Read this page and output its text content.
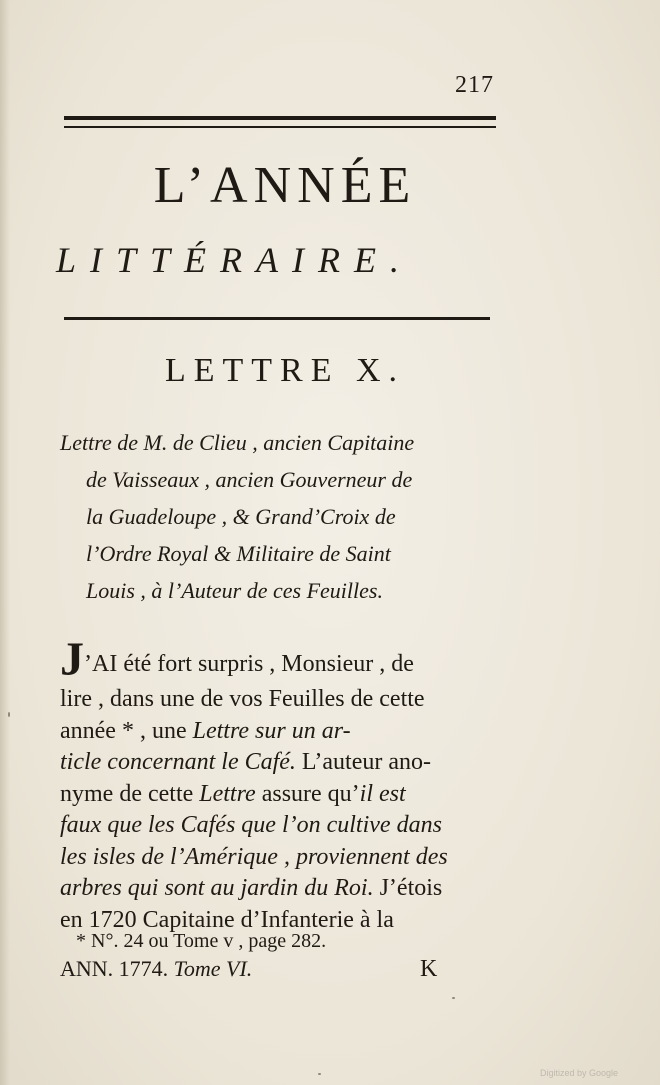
217
L’ANNÉE
LITTÉRAIRE.
LETTRE X.
Lettre de M. de Clieu , ancien Capitaine
de Vaisseaux , ancien Gouverneur de
la Guadeloupe , & Grand’Croix de
l’Ordre Royal & Militaire de Saint
Louis , à l’Auteur de ces Feuilles.
J’AI été fort surpris , Monsieur , de
lire , dans une de vos Feuilles de cette
année * , une Lettre sur un ar-
ticle concernant le Café. L’auteur ano-
nyme de cette Lettre assure qu’il est
faux que les Cafés que l’on cultive dans
les isles de l’Amérique , proviennent des
arbres qui sont au jardin du Roi. J’étois
en 1720 Capitaine d’Infanterie à la
* N°. 24 ou Tome v , page 282.
ANN. 1774. Tome VI.	K
Digitized by Google
